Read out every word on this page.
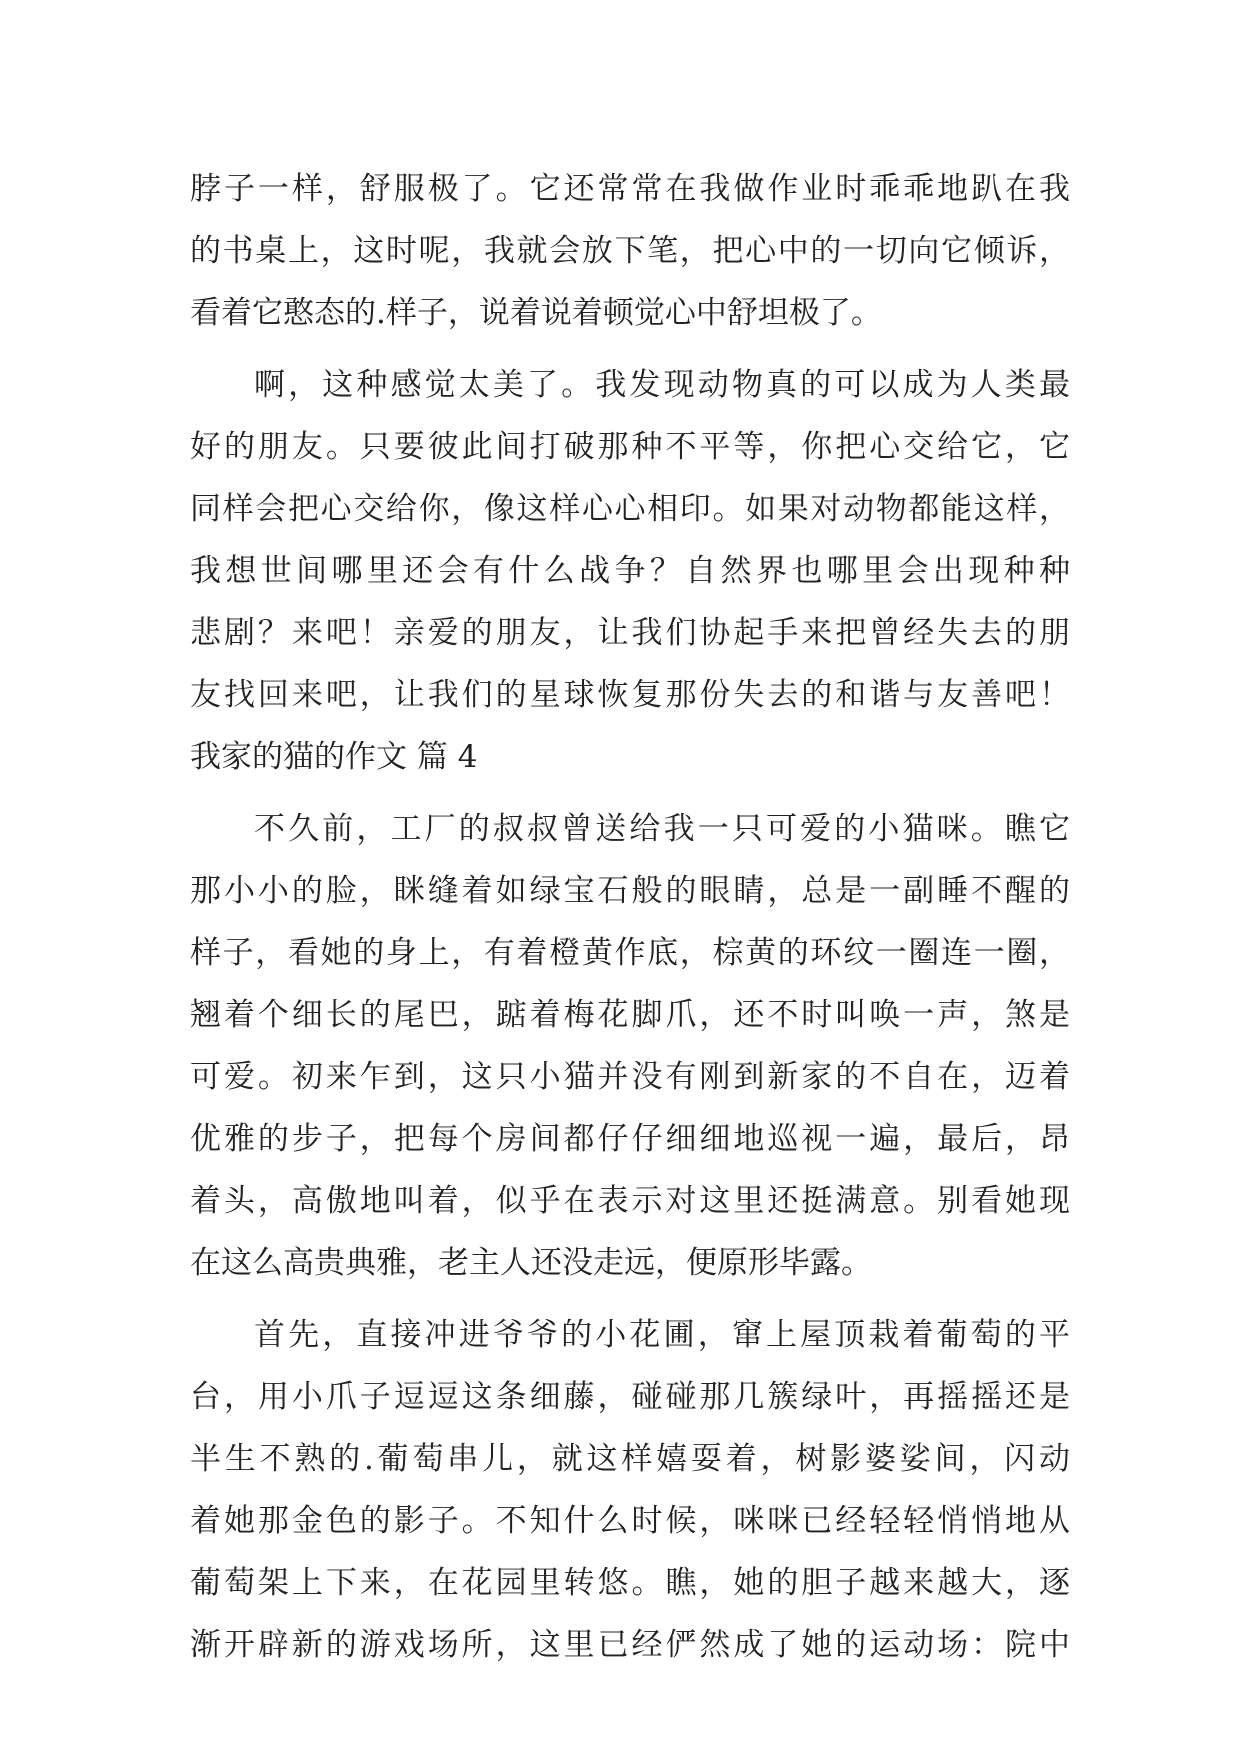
脖子一样，舒服极了。它还常常在我做作业时乖乖地趴在我
的书桌上，这时呢，我就会放下笔，把心中的一切向它倾诉，
看着它憨态的.样子，说着说着顿觉心中舒坦极了。
啊，这种感觉太美了。我发现动物真的可以成为人类最
好的朋友。只要彼此间打破那种不平等，你把心交给它，它
同样会把心交给你，像这样心心相印。如果对动物都能这样，
我想世间哪里还会有什么战争？自然界也哪里会出现种种
悲剧？来吧！亲爱的朋友，让我们协起手来把曾经失去的朋
友找回来吧，让我们的星球恢复那份失去的和谐与友善吧！
我家的猫的作文 篇 4
不久前，工厂的叔叔曾送给我一只可爱的小猫咪。瞧它
那小小的脸，眯缝着如绿宝石般的眼睛，总是一副睡不醒的
样子，看她的身上，有着橙黄作底，棕黄的环纹一圈连一圈，
翘着个细长的尾巴，踮着梅花脚爪，还不时叫唤一声，煞是
可爱。初来乍到，这只小猫并没有刚到新家的不自在，迈着
优雅的步子，把每个房间都仔仔细细地巡视一遍，最后，昂
着头，高傲地叫着，似乎在表示对这里还挺满意。别看她现
在这么高贵典雅，老主人还没走远，便原形毕露。
首先，直接冲进爷爷的小花圃，窜上屋顶栽着葡萄的平
台，用小爪子逗逗这条细藤，碰碰那几簇绿叶，再摇摇还是
半生不熟的.葡萄串儿，就这样嬉耍着，树影婆娑间，闪动
着她那金色的影子。不知什么时候，咪咪已经轻轻悄悄地从
葡萄架上下来，在花园里转悠。瞧，她的胆子越来越大，逐
渐开辟新的游戏场所，这里已经俨然成了她的运动场：院中
